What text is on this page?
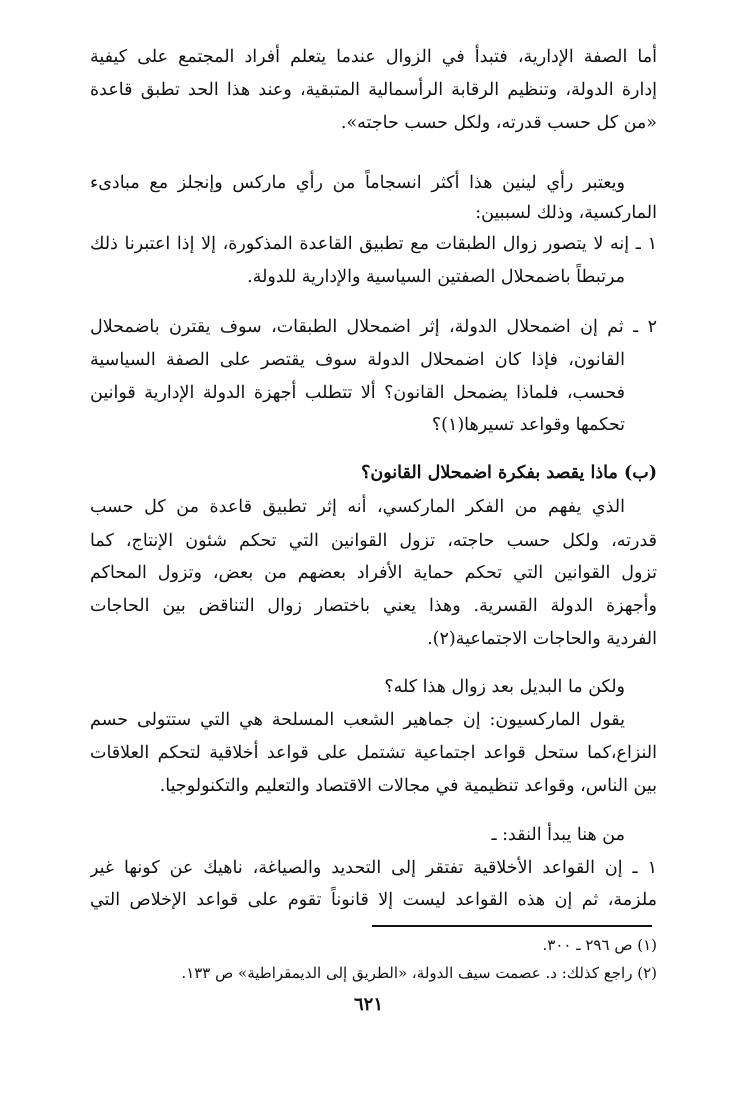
أما الصفة الإدارية، فتبدأ في الزوال عندما يتعلم أفراد المجتمع على كيفية
إدارة الدولة، وتنظيم الرقابة الرأسمالية المتبقية، وعند هذا الحد تطبق قاعدة
«من كل حسب قدرته، ولكل حسب حاجته».
ويعتبر رأي لينين هذا أكثر انسجاماً من رأي ماركس وإنجلز مع مبادىء
الماركسية، وذلك لسببين:
١ ـ إنه لا يتصور زوال الطبقات مع تطبيق القاعدة المذكورة، إلا إذا اعتبرنا ذلك
مرتبطاً باضمحلال الصفتين السياسية والإدارية للدولة.
٢ ـ ثم إن اضمحلال الدولة، إثر اضمحلال الطبقات، سوف يقترن باضمحلال
القانون، فإذا كان اضمحلال الدولة سوف يقتصر على الصفة السياسية
فحسب، فلماذا يضمحل القانون؟ ألا تتطلب أجهزة الدولة الإدارية قوانين
تحكمها وقواعد تسيرها(١)؟
(ب) ماذا يقصد بفكرة اضمحلال القانون؟
الذي يفهم من الفكر الماركسي، أنه إثر تطبيق قاعدة من كل حسب
قدرته، ولكل حسب حاجته، تزول القوانين التي تحكم شئون الإنتاج، كما
تزول القوانين التي تحكم حماية الأفراد بعضهم من بعض، وتزول المحاكم
وأجهزة الدولة القسرية. وهذا يعني باختصار زوال التناقض بين الحاجات
الفردية والحاجات الاجتماعية(٢).
ولكن ما البديل بعد زوال هذا كله؟
يقول الماركسيون: إن جماهير الشعب المسلحة هي التي ستتولى حسم
النزاع،كما ستحل قواعد اجتماعية تشتمل على قواعد أخلاقية لتحكم العلاقات
بين الناس، وقواعد تنظيمية في مجالات الاقتصاد والتعليم والتكنولوجيا.
من هنا يبدأ النقد: ـ
١ ـ إن القواعد الأخلاقية تفتقر إلى التحديد والصياغة، ناهيك عن كونها غير
ملزمة، ثم إن هذه القواعد ليست إلا قانوناً تقوم على قواعد الإخلاص التي
(١) ص ٢٩٦ ـ ٣٠٠.
(٢) راجع كذلك: د. عصمت سيف الدولة، «الطريق إلى الديمقراطية» ص ١٣٣.
٦٢١
